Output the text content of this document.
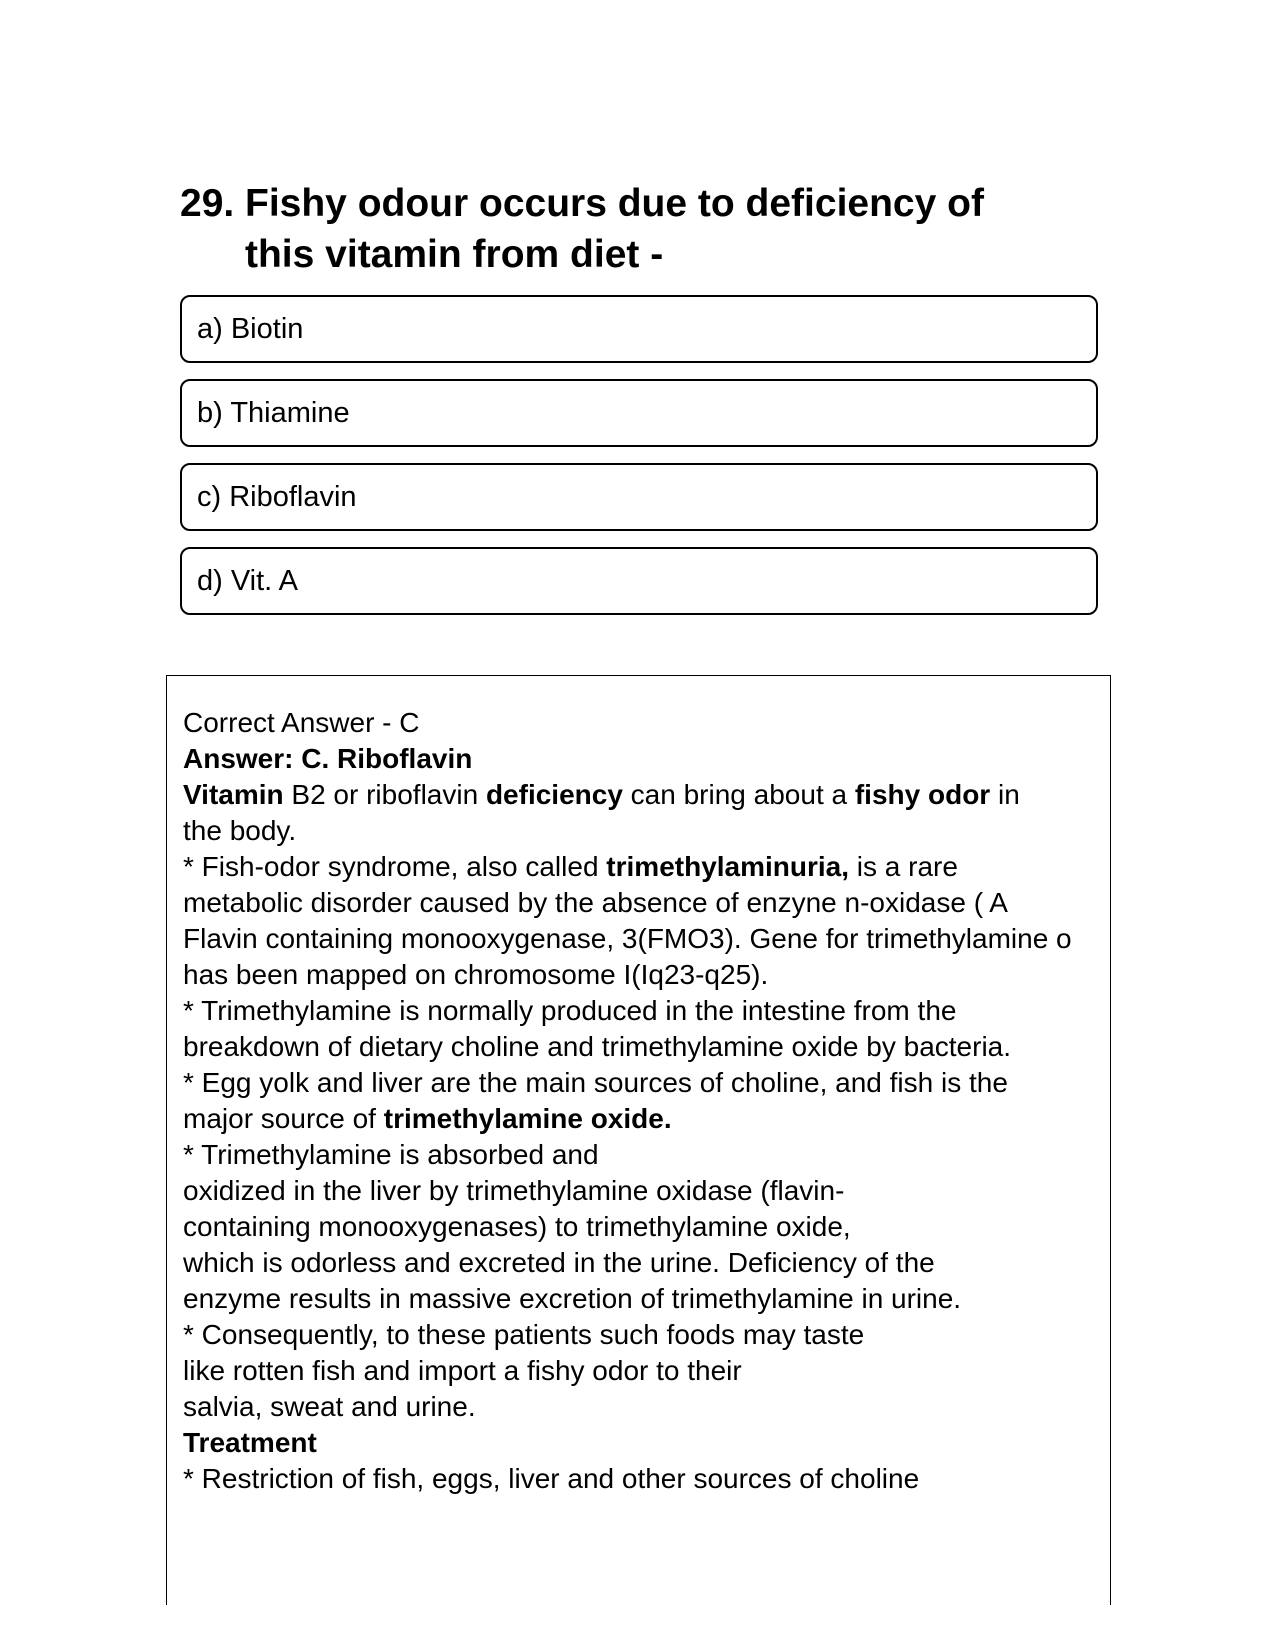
29. Fishy odour occurs due to deficiency of this vitamin from diet -
a) Biotin
b) Thiamine
c) Riboflavin
d) Vit. A
Correct Answer - C
Answer: C. Riboflavin
Vitamin B2 or riboflavin deficiency can bring about a fishy odor in
the body.
* Fish-odor syndrome, also called trimethylaminuria, is a rare
metabolic disorder caused by the absence of enzyne n-oxidase ( A
Flavin containing monooxygenase, 3(FMO3). Gene for trimethylamine o
has been mapped on chromosome I(Iq23-q25).
* Trimethylamine is normally produced in the intestine from the
breakdown of dietary choline and trimethylamine oxide by bacteria.
* Egg yolk and liver are the main sources of choline, and fish is the
major source of trimethylamine oxide.
* Trimethylamine is absorbed and
oxidized in the liver by trimethylamine oxidase (flavin-
containing monooxygenases) to trimethylamine oxide,
which is odorless and excreted in the urine. Deficiency of the
enzyme results in massive excretion of trimethylamine in urine.
* Consequently, to these patients such foods may taste
like rotten fish and import a fishy odor to their
salvia, sweat and urine.
Treatment
* Restriction of fish, eggs, liver and other sources of choline
